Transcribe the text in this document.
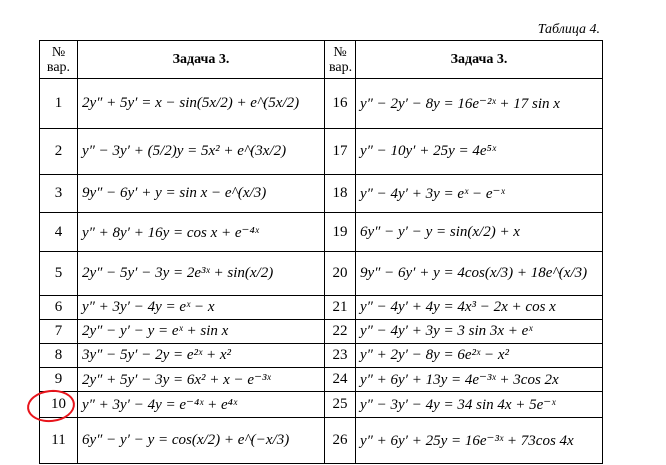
Таблица 4.
№ вар.	Задача 3.	№ вар.	Задача 3.
1	2y″ + 5y′ = x − sin(5x/2) + e^(5x/2)	16	y″ − 2y′ − 8y = 16e⁻²ˣ + 17 sin x
2	y″ − 3y′ + (5/2)y = 5x² + e^(3x/2)	17	y″ − 10y′ + 25y = 4e⁵ˣ
3	9y″ − 6y′ + y = sin x − e^(x/3)	18	y″ − 4y′ + 3y = eˣ − e⁻ˣ
4	y″ + 8y′ + 16y = cos x + e⁻⁴ˣ	19	6y″ − y′ − y = sin(x/2) + x
5	2y″ − 5y′ − 3y = 2e³ˣ + sin(x/2)	20	9y″ − 6y′ + y = 4cos(x/3) + 18e^(x/3)
6	y″ + 3y′ − 4y = eˣ − x	21	y″ − 4y′ + 4y = 4x³ − 2x + cos x
7	2y″ − y′ − y = eˣ + sin x	22	y″ − 4y′ + 3y = 3 sin 3x + eˣ
8	3y″ − 5y′ − 2y = e²ˣ + x²	23	y″ + 2y′ − 8y = 6e²ˣ − x²
9	2y″ + 5y′ − 3y = 6x² + x − e⁻³ˣ	24	y″ + 6y′ + 13y = 4e⁻³ˣ + 3cos 2x
10	y″ + 3y′ − 4y = e⁻⁴ˣ + e⁴ˣ	25	y″ − 3y′ − 4y = 34 sin 4x + 5e⁻ˣ
11	6y″ − y′ − y = cos(x/2) + e^(−x/3)	26	y″ + 6y′ + 25y = 16e⁻³ˣ + 73cos 4x
